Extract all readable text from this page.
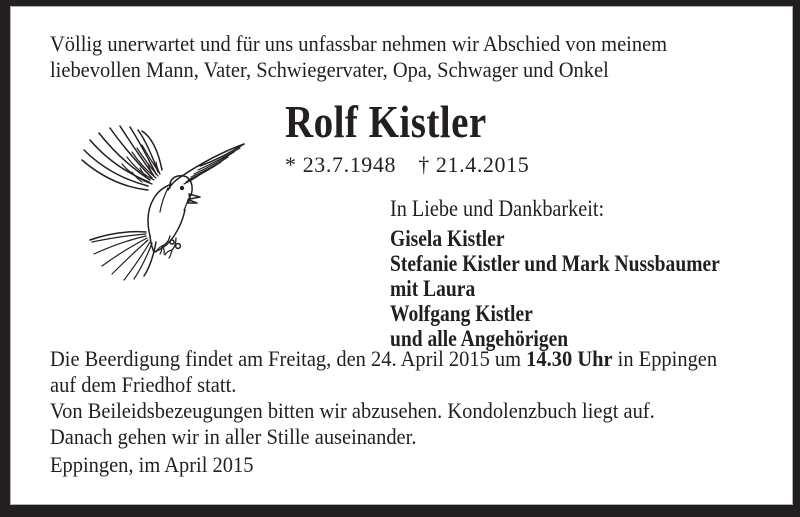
Völlig unerwartet und für uns unfassbar nehmen wir Abschied von meinem
liebevollen Mann, Vater, Schwiegervater, Opa, Schwager und Onkel
Rolf Kistler
* 23.7.1948 † 21.4.2015
In Liebe und Dankbarkeit:
Gisela Kistler
Stefanie Kistler und Mark Nussbaumer
mit Laura
Wolfgang Kistler
und alle Angehörigen
Die Beerdigung findet am Freitag, den 24. April 2015 um 14.30 Uhr in Eppingen
auf dem Friedhof statt.
Von Beileidsbezeugungen bitten wir abzusehen. Kondolenzbuch liegt auf.
Danach gehen wir in aller Stille auseinander.
Eppingen, im April 2015
